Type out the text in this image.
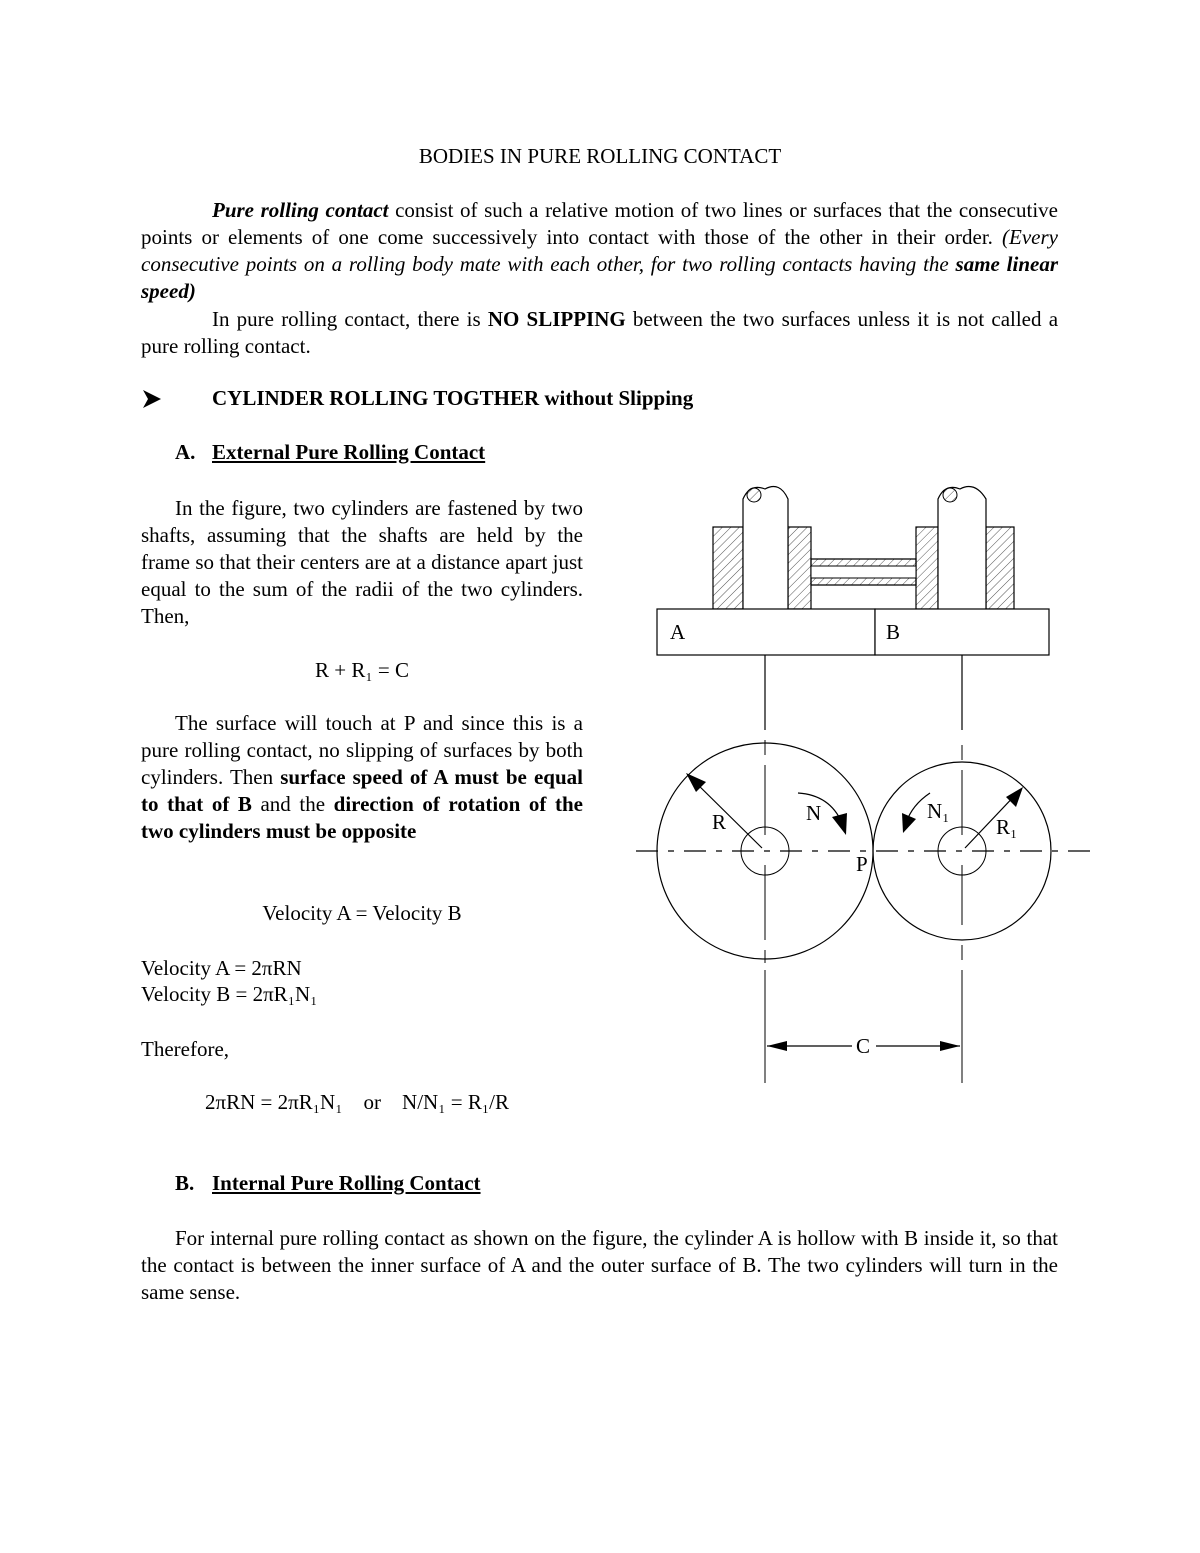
BODIES IN PURE ROLLING CONTACT
Pure rolling contact consist of such a relative motion of two lines or surfaces that the consecutive points or elements of one come successively into contact with those of the other in their order. (Every consecutive points on a rolling body mate with each other, for two rolling contacts having the same linear speed)
In pure rolling contact, there is NO SLIPPING between the two surfaces unless it is not called a pure rolling contact.
CYLINDER ROLLING TOGTHER without Slipping
A. External Pure Rolling Contact
In the figure, two cylinders are fastened by two shafts, assuming that the shafts are held by the frame so that their centers are at a distance apart just equal to the sum of the radii of the two cylinders. Then,
R + R₁ = C
The surface will touch at P and since this is a pure rolling contact, no slipping of surfaces by both cylinders. Then surface speed of A must be equal to that of B and the direction of rotation of the two cylinders must be opposite
Velocity A = Velocity B
Velocity A = 2πRN
Velocity B = 2πR₁N₁
Therefore,
2πRN = 2πR₁N₁    or    N/N₁ = R₁/R
A	B
R	N	N₁
R₁
P
C
B. Internal Pure Rolling Contact
For internal pure rolling contact as shown on the figure, the cylinder A is hollow with B inside it, so that the contact is between the inner surface of A and the outer surface of B. The two cylinders will turn in the same sense.
